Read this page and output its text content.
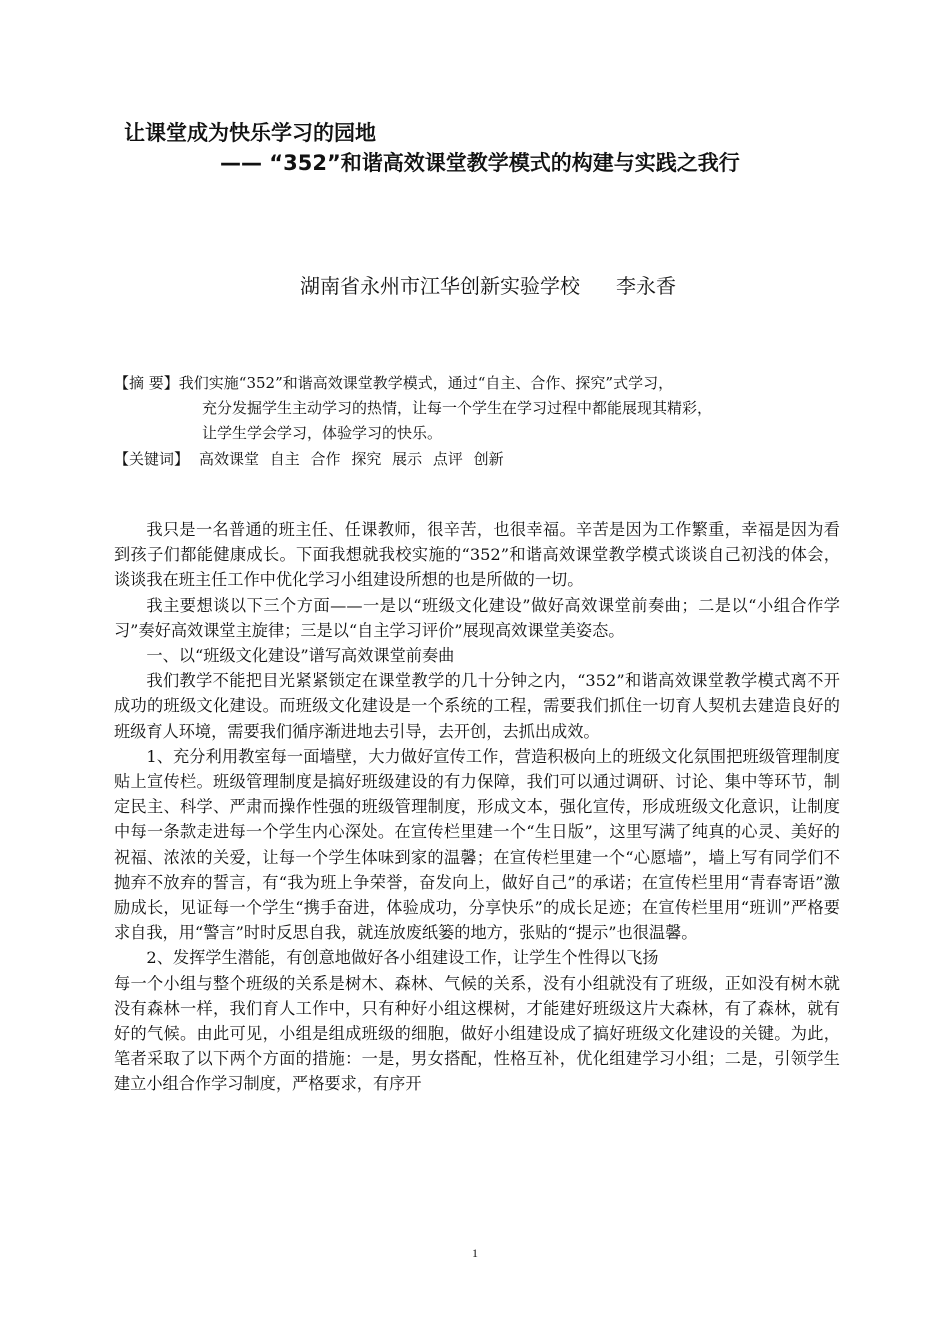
让课堂成为快乐学习的园地
—— “352”和谐高效课堂教学模式的构建与实践之我行
湖南省永州市江华创新实验学校 李永香
【摘 要】我们实施“352”和谐高效课堂教学模式，通过“自主、合作、探究”式学习，
充分发掘学生主动学习的热情，让每一个学生在学习过程中都能展现其精彩，
让学生学会学习，体验学习的快乐。
【关键词】 高效课堂 自主 合作 探究 展示 点评 创新

我只是一名普通的班主任、任课教师，很辛苦，也很幸福。辛苦是因为工作繁重，幸福是因为看到孩子们都能健康成长。下面我想就我校实施的“352”和谐高效课堂教学模式谈谈自己初浅的体会，谈谈我在班主任工作中优化学习小组建设所想的也是所做的一切。

我主要想谈以下三个方面——一是以“班级文化建设”做好高效课堂前奏曲；二是以“小组合作学习”奏好高效课堂主旋律；三是以“自主学习评价”展现高效课堂美姿态。

一、以“班级文化建设”谱写高效课堂前奏曲

我们教学不能把目光紧紧锁定在课堂教学的几十分钟之内，“352”和谐高效课堂教学模式离不开成功的班级文化建设。而班级文化建设是一个系统的工程，需要我们抓住一切育人契机去建造良好的班级育人环境，需要我们循序渐进地去引导，去开创，去抓出成效。

1、充分利用教室每一面墙壁，大力做好宣传工作，营造积极向上的班级文化氛围把班级管理制度贴上宣传栏。班级管理制度是搞好班级建设的有力保障，我们可以通过调研、讨论、集中等环节，制定民主、科学、严肃而操作性强的班级管理制度，形成文本，强化宣传，形成班级文化意识，让制度中每一条款走进每一个学生内心深处。在宣传栏里建一个“生日版”，这里写满了纯真的心灵、美好的祝福、浓浓的关爱，让每一个学生体味到家的温馨；在宣传栏里建一个“心愿墙”，墙上写有同学们不抛弃不放弃的誓言，有“我为班上争荣誉，奋发向上，做好自己”的承诺；在宣传栏里用“青春寄语”激励成长，见证每一个学生“携手奋进，体验成功，分享快乐”的成长足迹；在宣传栏里用“班训”严格要求自我，用“警言”时时反思自我，就连放废纸篓的地方，张贴的“提示”也很温馨。

2、发挥学生潜能，有创意地做好各小组建设工作，让学生个性得以飞扬

每一个小组与整个班级的关系是树木、森林、气候的关系，没有小组就没有了班级，正如没有树木就没有森林一样，我们育人工作中，只有种好小组这棵树，才能建好班级这片大森林，有了森林，就有好的气候。由此可见，小组是组成班级的细胞，做好小组建设成了搞好班级文化建设的关键。为此，笔者采取了以下两个方面的措施：一是，男女搭配，性格互补，优化组建学习小组；二是，引领学生建立小组合作学习制度，严格要求，有序开

1
